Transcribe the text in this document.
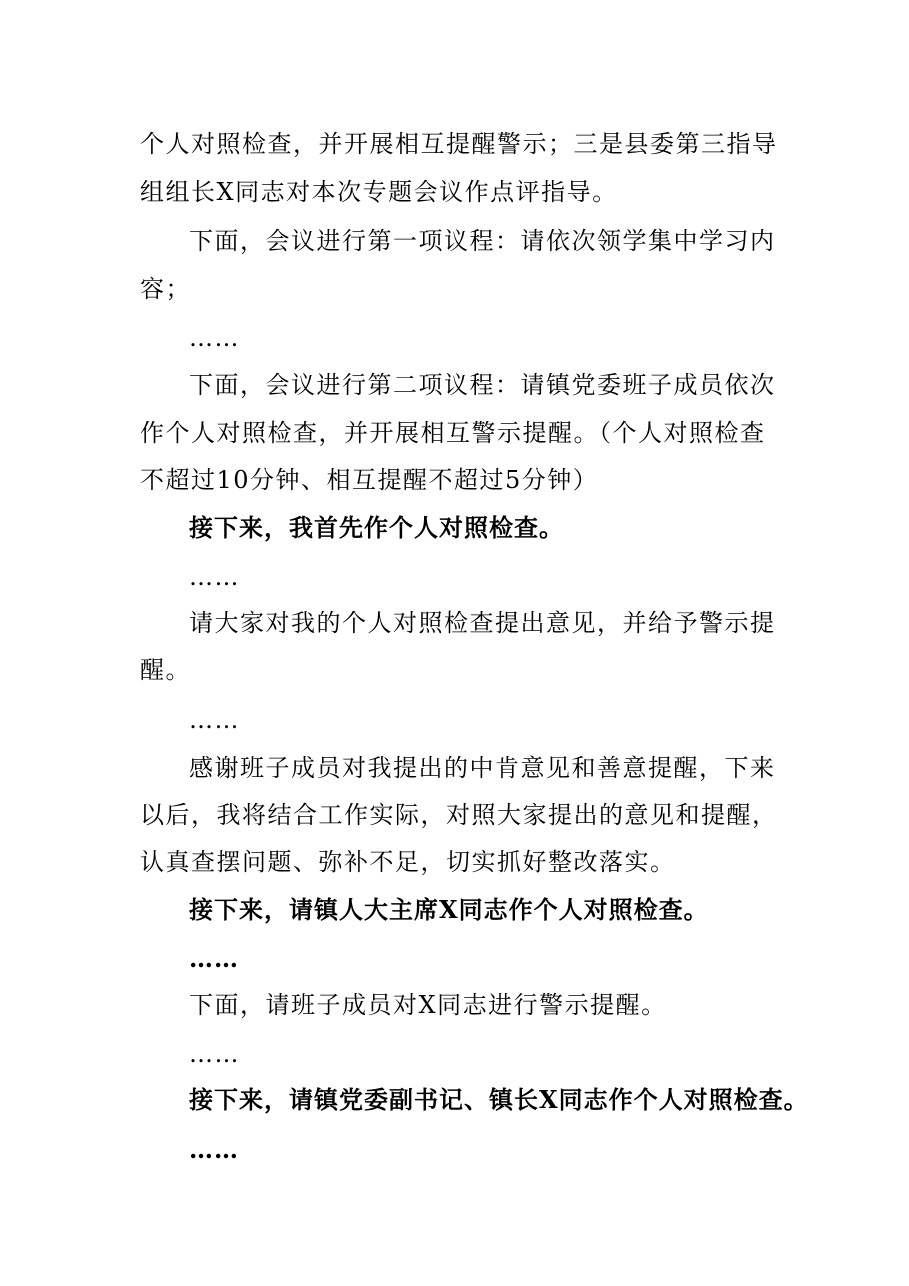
个人对照检查，并开展相互提醒警示；三是县委第三指导
组组长X同志对本次专题会议作点评指导。
下面，会议进行第一项议程：请依次领学集中学习内
容；
……
下面，会议进行第二项议程：请镇党委班子成员依次
作个人对照检查，并开展相互警示提醒。（个人对照检查
不超过10分钟、相互提醒不超过5分钟）
接下来，我首先作个人对照检查。
……
请大家对我的个人对照检查提出意见，并给予警示提
醒。
……
感谢班子成员对我提出的中肯意见和善意提醒，下来
以后，我将结合工作实际，对照大家提出的意见和提醒，
认真查摆问题、弥补不足，切实抓好整改落实。
接下来，请镇人大主席X同志作个人对照检查。
……
下面，请班子成员对X同志进行警示提醒。
……
接下来，请镇党委副书记、镇长X同志作个人对照检查。
……
